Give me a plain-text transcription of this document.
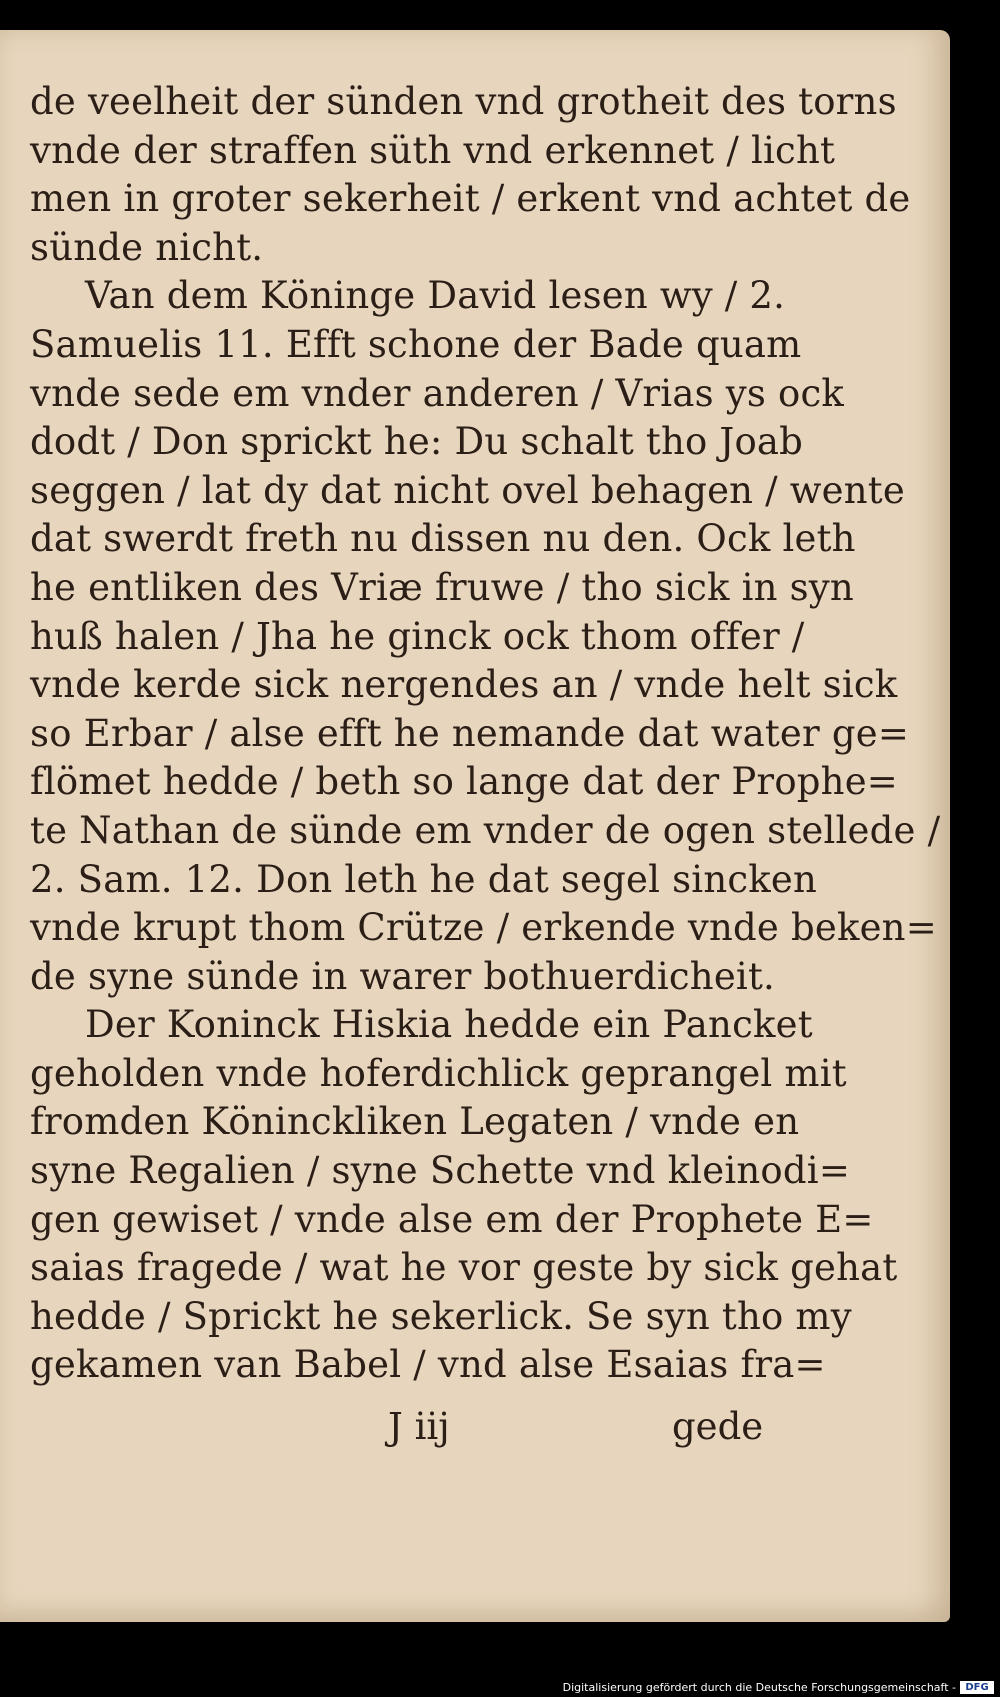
de veelheit der sünden vnd grotheit des torns
vnde der straffen süth vnd erkennet / licht
men in groter sekerheit / erkent vnd achtet de
sünde nicht.
Van dem Köninge David lesen wy / 2.
Samuelis 11. Efft schone der Bade quam
vnde sede em vnder anderen / Vrias ys ock
dodt / Don sprickt he: Du schalt tho Joab
seggen / lat dy dat nicht ovel behagen / wente
dat swerdt freth nu dissen nu den. Ock leth
he entliken des Vriæ fruwe / tho sick in syn
huß halen / Jha he ginck ock thom offer /
vnde kerde sick nergendes an / vnde helt sick
so Erbar / alse efft he nemande dat water ge=
flömet hedde / beth so lange dat der Prophe=
te Nathan de sünde em vnder de ogen stellede /
2. Sam. 12. Don leth he dat segel sincken
vnde krupt thom Crütze / erkende vnde beken=
de syne sünde in warer bothuerdicheit.
Der Koninck Hiskia hedde ein Pancket
geholden vnde hoferdichlick geprangel mit
fromden Köninckliken Legaten / vnde en
syne Regalien / syne Schette vnd kleinodi=
gen gewiset / vnde alse em der Prophete E=
saias fragede / wat he vor geste by sick gehat
hedde / Sprickt he sekerlick. Se syn tho my
gekamen van Babel / vnd alse Esaias fra=
J iij	gede
Digitalisierung gefördert durch die Deutsche Forschungsgemeinschaft - DFG
